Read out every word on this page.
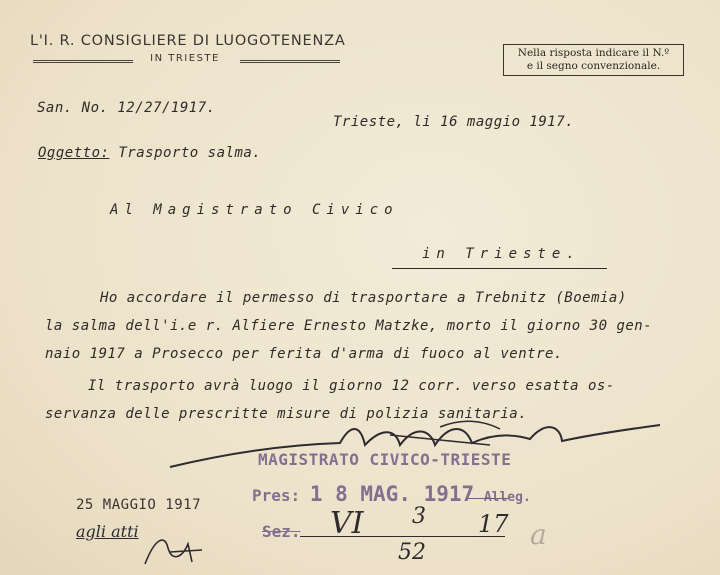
L'I. R. CONSIGLIERE DI LUOGOTENENZA
IN TRIESTE	Nella risposta indicare il N.º
e il segno convenzionale.
San. No. 12/27/1917.
Trieste, li 16 maggio 1917.
Oggetto: Trasporto salma.
Al Magistrato Civico
in Trieste.
Ho accordare il permesso di trasportare a Trebnitz (Boemia)
la salma dell'i.e r. Alfiere Ernesto Matzke, morto il giorno 30 gen-
naio 1917 a Prosecco per ferita d'arma di fuoco al ventre.
Il trasporto avrà luogo il giorno 12 corr. verso esatta os-
servanza delle prescritte misure di polizia sanitaria.
MAGISTRATO CIVICO-TRIESTE
Pres: 1 8 MAG. 1917 Alleg.
Sez. VI 3
52
17 a
25 MAGGIO 1917
agli atti
